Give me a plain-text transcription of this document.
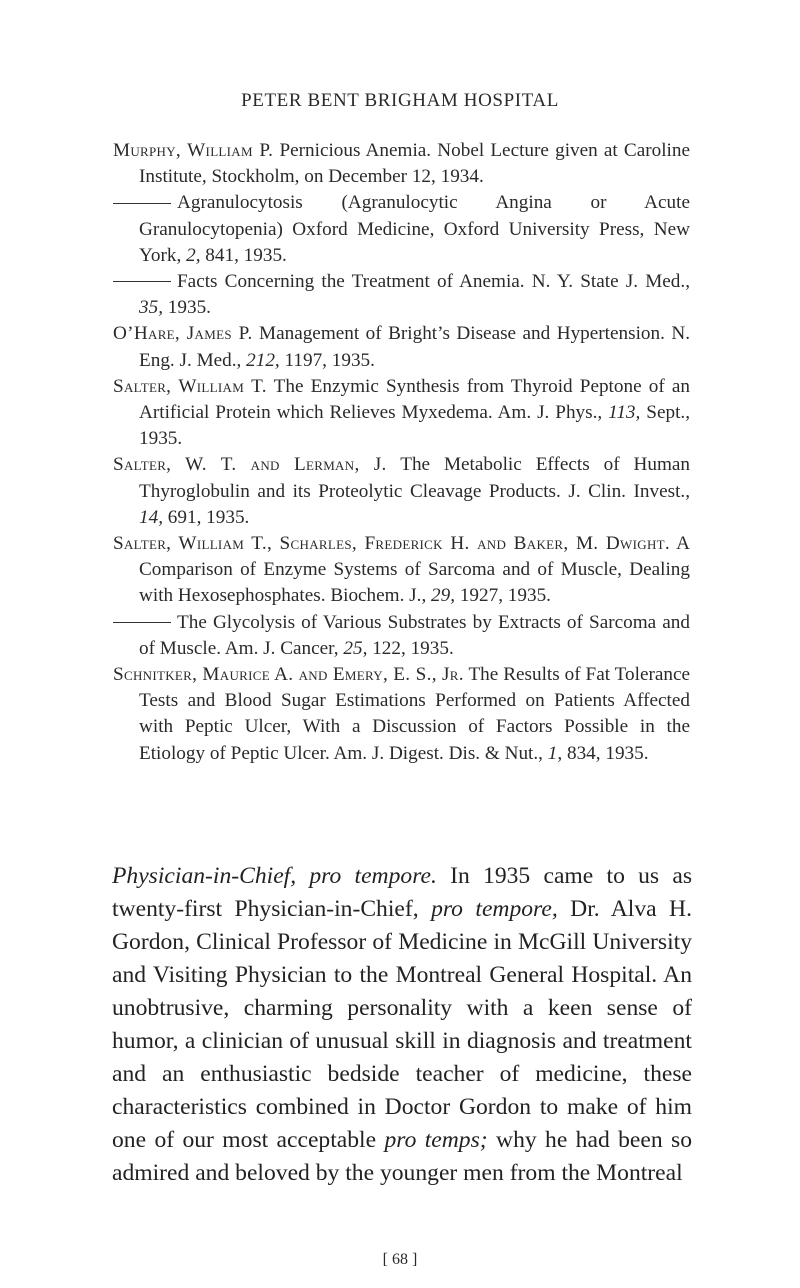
PETER BENT BRIGHAM HOSPITAL
Murphy, William P. Pernicious Anemia. Nobel Lecture given at Caroline Institute, Stockholm, on December 12, 1934.
Agranulocytosis (Agranulocytic Angina or Acute Granulocytopenia) Oxford Medicine, Oxford University Press, New York, 2, 841, 1935.
Facts Concerning the Treatment of Anemia. N. Y. State J. Med., 35, 1935.
O’Hare, James P. Management of Bright’s Disease and Hypertension. N. Eng. J. Med., 212, 1197, 1935.
Salter, William T. The Enzymic Synthesis from Thyroid Peptone of an Artificial Protein which Relieves Myxedema. Am. J. Phys., 113, Sept., 1935.
Salter, W. T. and Lerman, J. The Metabolic Effects of Human Thyroglobulin and its Proteolytic Cleavage Products. J. Clin. Invest., 14, 691, 1935.
Salter, William T., Scharles, Frederick H. and Baker, M. Dwight. A Comparison of Enzyme Systems of Sarcoma and of Muscle, Dealing with Hexosephosphates. Biochem. J., 29, 1927, 1935.
The Glycolysis of Various Substrates by Extracts of Sarcoma and of Muscle. Am. J. Cancer, 25, 122, 1935.
Schnitker, Maurice A. and Emery, E. S., Jr. The Results of Fat Tolerance Tests and Blood Sugar Estimations Performed on Patients Affected with Peptic Ulcer, With a Discussion of Factors Possible in the Etiology of Peptic Ulcer. Am. J. Digest. Dis. & Nut., 1, 834, 1935.
Physician-in-Chief, pro tempore. In 1935 came to us as twenty-first Physician-in-Chief, pro tempore, Dr. Alva H. Gordon, Clinical Professor of Medicine in McGill University and Visiting Physician to the Montreal General Hospital. An unobtrusive, charming personality with a keen sense of humor, a clinician of unusual skill in diagnosis and treatment and an enthusiastic bedside teacher of medicine, these characteristics combined in Doctor Gordon to make of him one of our most acceptable pro temps; why he had been so admired and beloved by the younger men from the Montreal
[ 68 ]
